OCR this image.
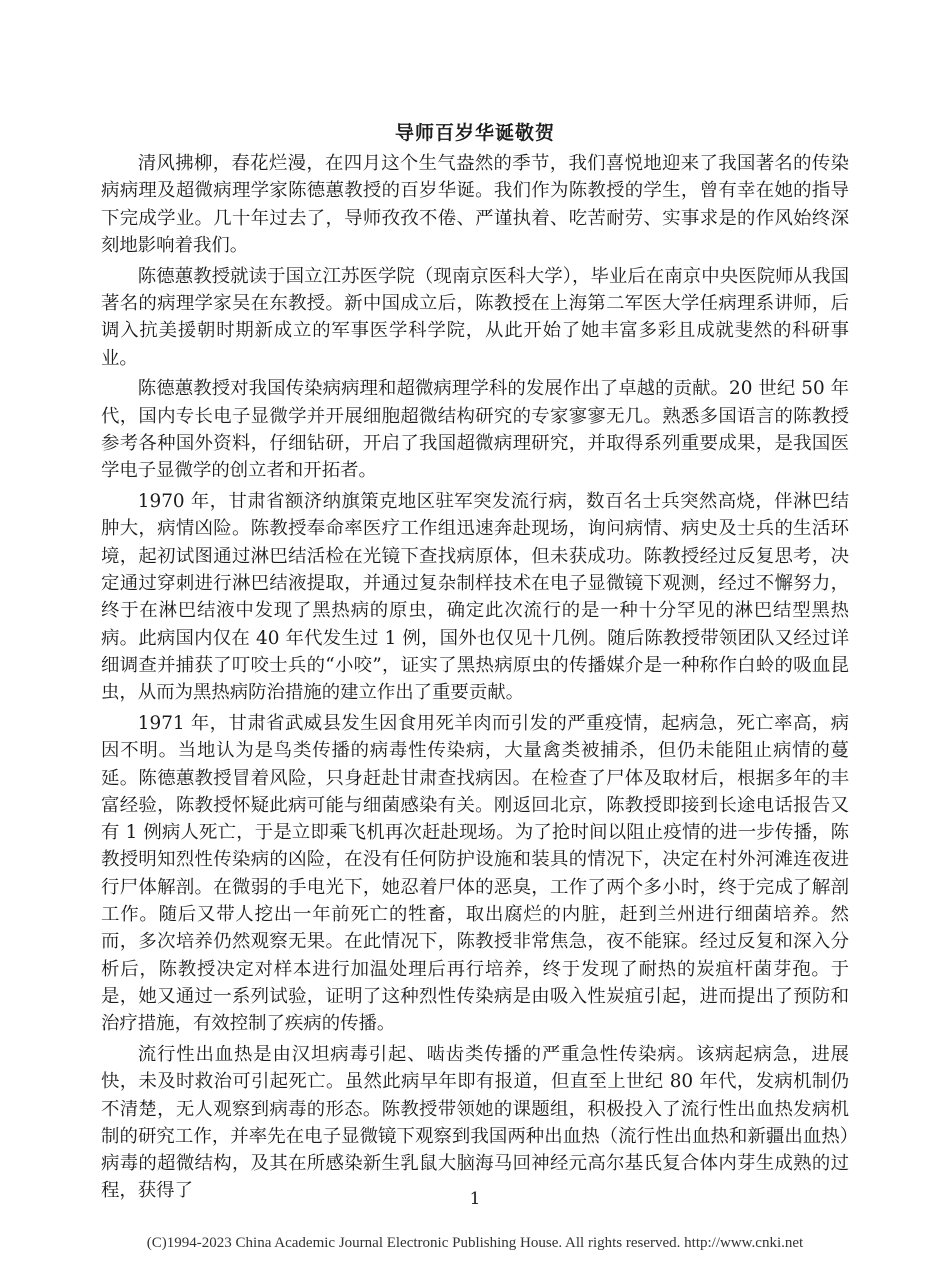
导师百岁华诞敬贺

清风拂柳，春花烂漫，在四月这个生气盎然的季节，我们喜悦地迎来了我国著名的传染病病理及超微病理学家陈德蕙教授的百岁华诞。我们作为陈教授的学生，曾有幸在她的指导下完成学业。几十年过去了，导师孜孜不倦、严谨执着、吃苦耐劳、实事求是的作风始终深刻地影响着我们。

陈德蕙教授就读于国立江苏医学院（现南京医科大学），毕业后在南京中央医院师从我国著名的病理学家吴在东教授。新中国成立后，陈教授在上海第二军医大学任病理系讲师，后调入抗美援朝时期新成立的军事医学科学院，从此开始了她丰富多彩且成就斐然的科研事业。

陈德蕙教授对我国传染病病理和超微病理学科的发展作出了卓越的贡献。20 世纪 50 年代，国内专长电子显微学并开展细胞超微结构研究的专家寥寥无几。熟悉多国语言的陈教授参考各种国外资料，仔细钻研，开启了我国超微病理研究，并取得系列重要成果，是我国医学电子显微学的创立者和开拓者。

1970 年，甘肃省额济纳旗策克地区驻军突发流行病，数百名士兵突然高烧，伴淋巴结肿大，病情凶险。陈教授奉命率医疗工作组迅速奔赴现场，询问病情、病史及士兵的生活环境，起初试图通过淋巴结活检在光镜下查找病原体，但未获成功。陈教授经过反复思考，决定通过穿刺进行淋巴结液提取，并通过复杂制样技术在电子显微镜下观测，经过不懈努力，终于在淋巴结液中发现了黑热病的原虫，确定此次流行的是一种十分罕见的淋巴结型黑热病。此病国内仅在 40 年代发生过 1 例，国外也仅见十几例。随后陈教授带领团队又经过详细调查并捕获了叮咬士兵的“小咬”，证实了黑热病原虫的传播媒介是一种称作白蛉的吸血昆虫，从而为黑热病防治措施的建立作出了重要贡献。

1971 年，甘肃省武威县发生因食用死羊肉而引发的严重疫情，起病急，死亡率高，病因不明。当地认为是鸟类传播的病毒性传染病，大量禽类被捕杀，但仍未能阻止病情的蔓延。陈德蕙教授冒着风险，只身赶赴甘肃查找病因。在检查了尸体及取材后，根据多年的丰富经验，陈教授怀疑此病可能与细菌感染有关。刚返回北京，陈教授即接到长途电话报告又有 1 例病人死亡，于是立即乘飞机再次赶赴现场。为了抢时间以阻止疫情的进一步传播，陈教授明知烈性传染病的凶险，在没有任何防护设施和装具的情况下，决定在村外河滩连夜进行尸体解剖。在微弱的手电光下，她忍着尸体的恶臭，工作了两个多小时，终于完成了解剖工作。随后又带人挖出一年前死亡的牲畜，取出腐烂的内脏，赶到兰州进行细菌培养。然而，多次培养仍然观察无果。在此情况下，陈教授非常焦急，夜不能寐。经过反复和深入分析后，陈教授决定对样本进行加温处理后再行培养，终于发现了耐热的炭疽杆菌芽孢。于是，她又通过一系列试验，证明了这种烈性传染病是由吸入性炭疽引起，进而提出了预防和治疗措施，有效控制了疾病的传播。

流行性出血热是由汉坦病毒引起、啮齿类传播的严重急性传染病。该病起病急，进展快，未及时救治可引起死亡。虽然此病早年即有报道，但直至上世纪 80 年代，发病机制仍不清楚，无人观察到病毒的形态。陈教授带领她的课题组，积极投入了流行性出血热发病机制的研究工作，并率先在电子显微镜下观察到我国两种出血热（流行性出血热和新疆出血热）病毒的超微结构，及其在所感染新生乳鼠大脑海马回神经元高尔基氏复合体内芽生成熟的过程，获得了	1
(C)1994-2023 China Academic Journal Electronic Publishing House. All rights reserved. http://www.cnki.net
